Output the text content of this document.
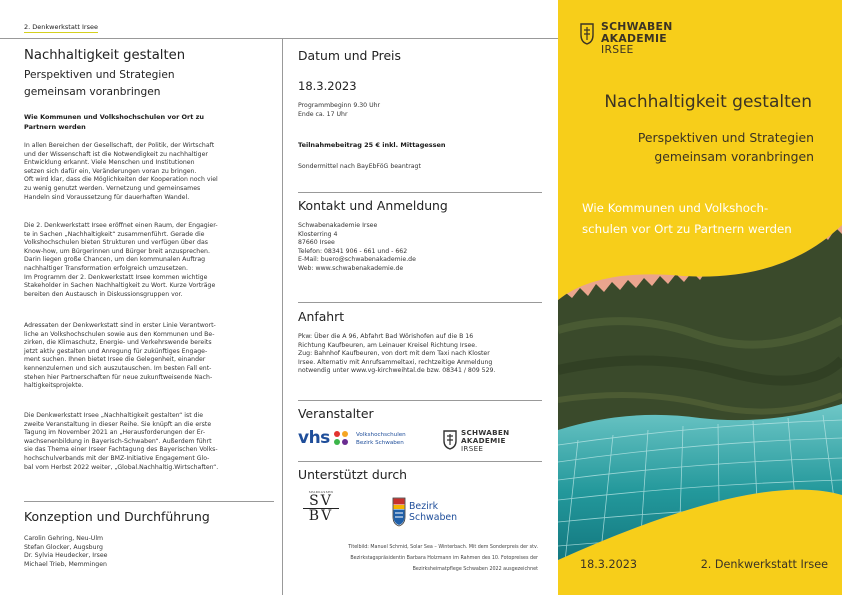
2. Denkwerkstatt Irsee
Nachhaltigkeit gestalten
Perspektiven und Strategien
gemeinsam voranbringen
Wie Kommunen und Volkshochschulen vor Ort zu
Partnern werden
In allen Bereichen der Gesellschaft, der Politik, der Wirtschaft
und der Wissenschaft ist die Notwendigkeit zu nachhaltiger
Entwicklung erkannt. Viele Menschen und Institutionen
setzen sich dafür ein, Veränderungen voran zu bringen.
Oft wird klar, dass die Möglichkeiten der Kooperation noch viel
zu wenig genutzt werden. Vernetzung und gemeinsames
Handeln sind Voraussetzung für dauerhaften Wandel.
Die 2. Denkwerkstatt Irsee eröffnet einen Raum, der Engagier-
te in Sachen „Nachhaltigkeit“ zusammenführt. Gerade die
Volkshochschulen bieten Strukturen und verfügen über das
Know-how, um Bürgerinnen und Bürger breit anzusprechen.
Darin liegen große Chancen, um den kommunalen Auftrag
nachhaltiger Transformation erfolgreich umzusetzen.
Im Programm der 2. Denkwerkstatt Irsee kommen wichtige
Stakeholder in Sachen Nachhaltigkeit zu Wort. Kurze Vorträge
bereiten den Austausch in Diskussionsgruppen vor.
Adressaten der Denkwerkstatt sind in erster Linie Verantwort-
liche an Volkshochschulen sowie aus den Kommunen und Be-
zirken, die Klimaschutz, Energie- und Verkehrswende bereits
jetzt aktiv gestalten und Anregung für zukünftiges Engage-
ment suchen. Ihnen bietet Irsee die Gelegenheit, einander
kennenzulernen und sich auszutauschen. Im besten Fall ent-
stehen hier Partnerschaften für neue zukunftweisende Nach-
haltigkeitsprojekte.
Die Denkwerkstatt Irsee „Nachhaltigkeit gestalten“ ist die
zweite Veranstaltung in dieser Reihe. Sie knüpft an die erste
Tagung im November 2021 an „Herausforderungen der Er-
wachsenenbildung in Bayerisch-Schwaben“. Außerdem führt
sie das Thema einer Irseer Fachtagung des Bayerischen Volks-
hochschulverbands mit der BMZ-Initiative Engagement Glo-
bal vom Herbst 2022 weiter, „Global.Nachhaltig.Wirtschaften“.
Konzeption und Durchführung
Carolin Gehring, Neu-Ulm
Stefan Glocker, Augsburg
Dr. Sylvia Heudecker, Irsee
Michael Trieb, Memmingen
Datum und Preis
18.3.2023
Programmbeginn 9.30 Uhr
Ende ca. 17 Uhr
Teilnahmebeitrag 25 € inkl. Mittagessen
Sondermittel nach BayEbFöG beantragt
Kontakt und Anmeldung
Schwabenakademie Irsee
Klosterring 4
87660 Irsee
Telefon: 08341 906 - 661 und - 662
E-Mail: buero@schwabenakademie.de
Web: www.schwabenakademie.de
Anfahrt
Pkw: Über die A 96, Abfahrt Bad Wörishofen auf die B 16
Richtung Kaufbeuren, am Leinauer Kreisel Richtung Irsee.
Zug: Bahnhof Kaufbeuren, von dort mit dem Taxi nach Kloster
Irsee. Alternativ mit Anrufsammeltaxi, rechtzeitige Anmeldung
notwendig unter www.vg-kirchweihtal.de bzw. 08341 / 809 529.
Veranstalter
vhs	Volkshochschulen
Bezirk Schwaben
SCHWABEN
AKADEMIE
IRSEE
Unterstützt durch
SPARKASSEN
SV
BV
Bezirk
Schwaben
Titelbild: Manuel Schmid, Solar Sea – Winterbach. Mit dem Sonderpreis der stv.
Bezirkstagspräsidentin Barbara Holzmann im Rahmen des 10. Fotopreises der
Bezirksheimatpflege Schwaben 2022 ausgezeichnet
SCHWABEN
AKADEMIE
IRSEE
Nachhaltigkeit gestalten
Perspektiven und Strategien
gemeinsam voranbringen
Wie Kommunen und Volkshoch-
schulen vor Ort zu Partnern werden
18.3.2023	2. Denkwerkstatt Irsee
